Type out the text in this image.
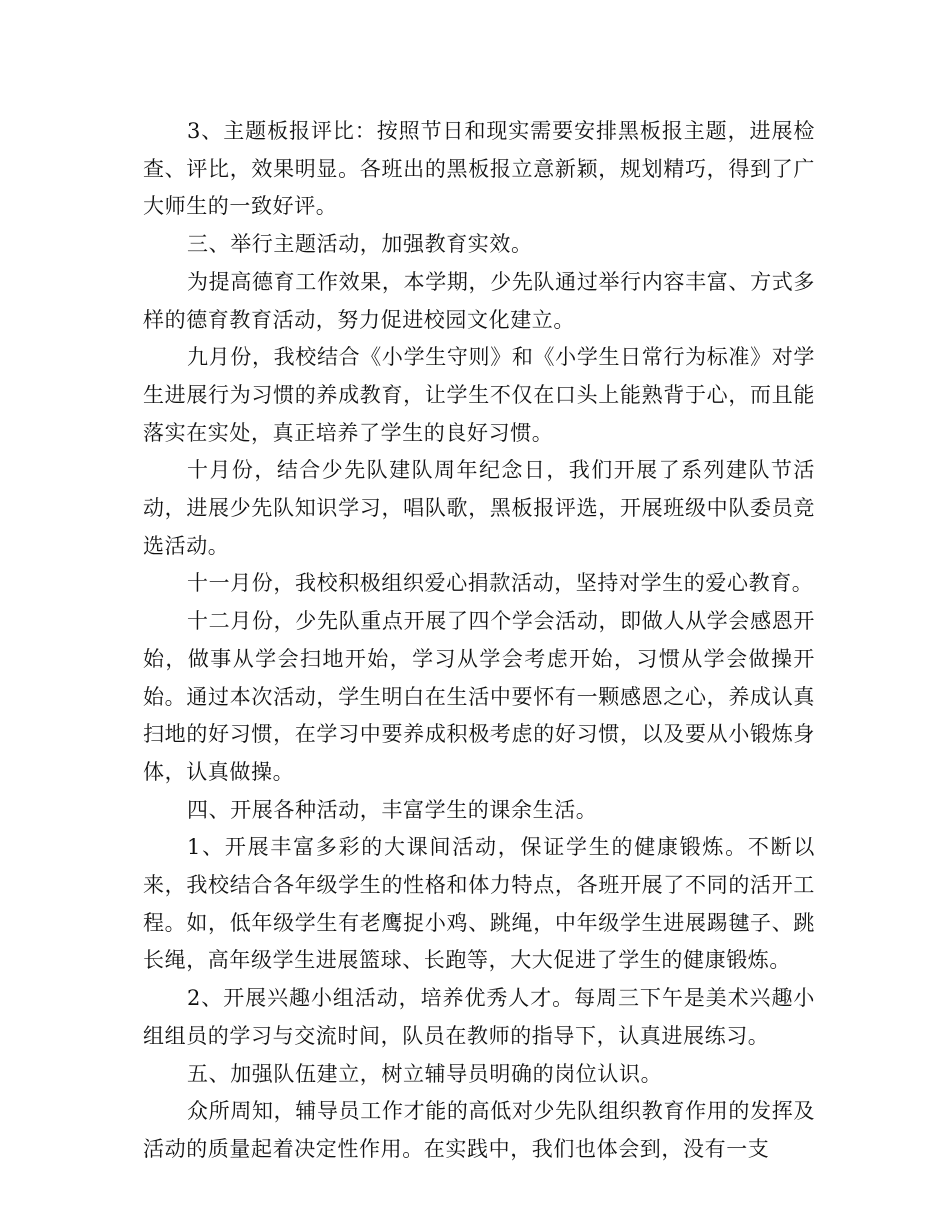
3、主题板报评比：按照节日和现实需要安排黑板报主题，进展检查、评比，效果明显。各班出的黑板报立意新颖，规划精巧，得到了广大师生的一致好评。

三、举行主题活动，加强教育实效。

为提高德育工作效果，本学期，少先队通过举行内容丰富、方式多样的德育教育活动，努力促进校园文化建立。

九月份，我校结合《小学生守则》和《小学生日常行为标准》对学生进展行为习惯的养成教育，让学生不仅在口头上能熟背于心，而且能落实在实处，真正培养了学生的良好习惯。

十月份，结合少先队建队周年纪念日，我们开展了系列建队节活动，进展少先队知识学习，唱队歌，黑板报评选，开展班级中队委员竞选活动。

十一月份，我校积极组织爱心捐款活动，坚持对学生的爱心教育。

十二月份，少先队重点开展了四个学会活动，即做人从学会感恩开始，做事从学会扫地开始，学习从学会考虑开始，习惯从学会做操开始。通过本次活动，学生明白在生活中要怀有一颗感恩之心，养成认真扫地的好习惯，在学习中要养成积极考虑的好习惯，以及要从小锻炼身体，认真做操。

四、开展各种活动，丰富学生的课余生活。

1、开展丰富多彩的大课间活动，保证学生的健康锻炼。不断以来，我校结合各年级学生的性格和体力特点，各班开展了不同的活开工程。如，低年级学生有老鹰捉小鸡、跳绳，中年级学生进展踢毽子、跳长绳，高年级学生进展篮球、长跑等，大大促进了学生的健康锻炼。

2、开展兴趣小组活动，培养优秀人才。每周三下午是美术兴趣小组组员的学习与交流时间，队员在教师的指导下，认真进展练习。

五、加强队伍建立，树立辅导员明确的岗位认识。

众所周知，辅导员工作才能的高低对少先队组织教育作用的发挥及活动的质量起着决定性作用。在实践中，我们也体会到，没有一支
